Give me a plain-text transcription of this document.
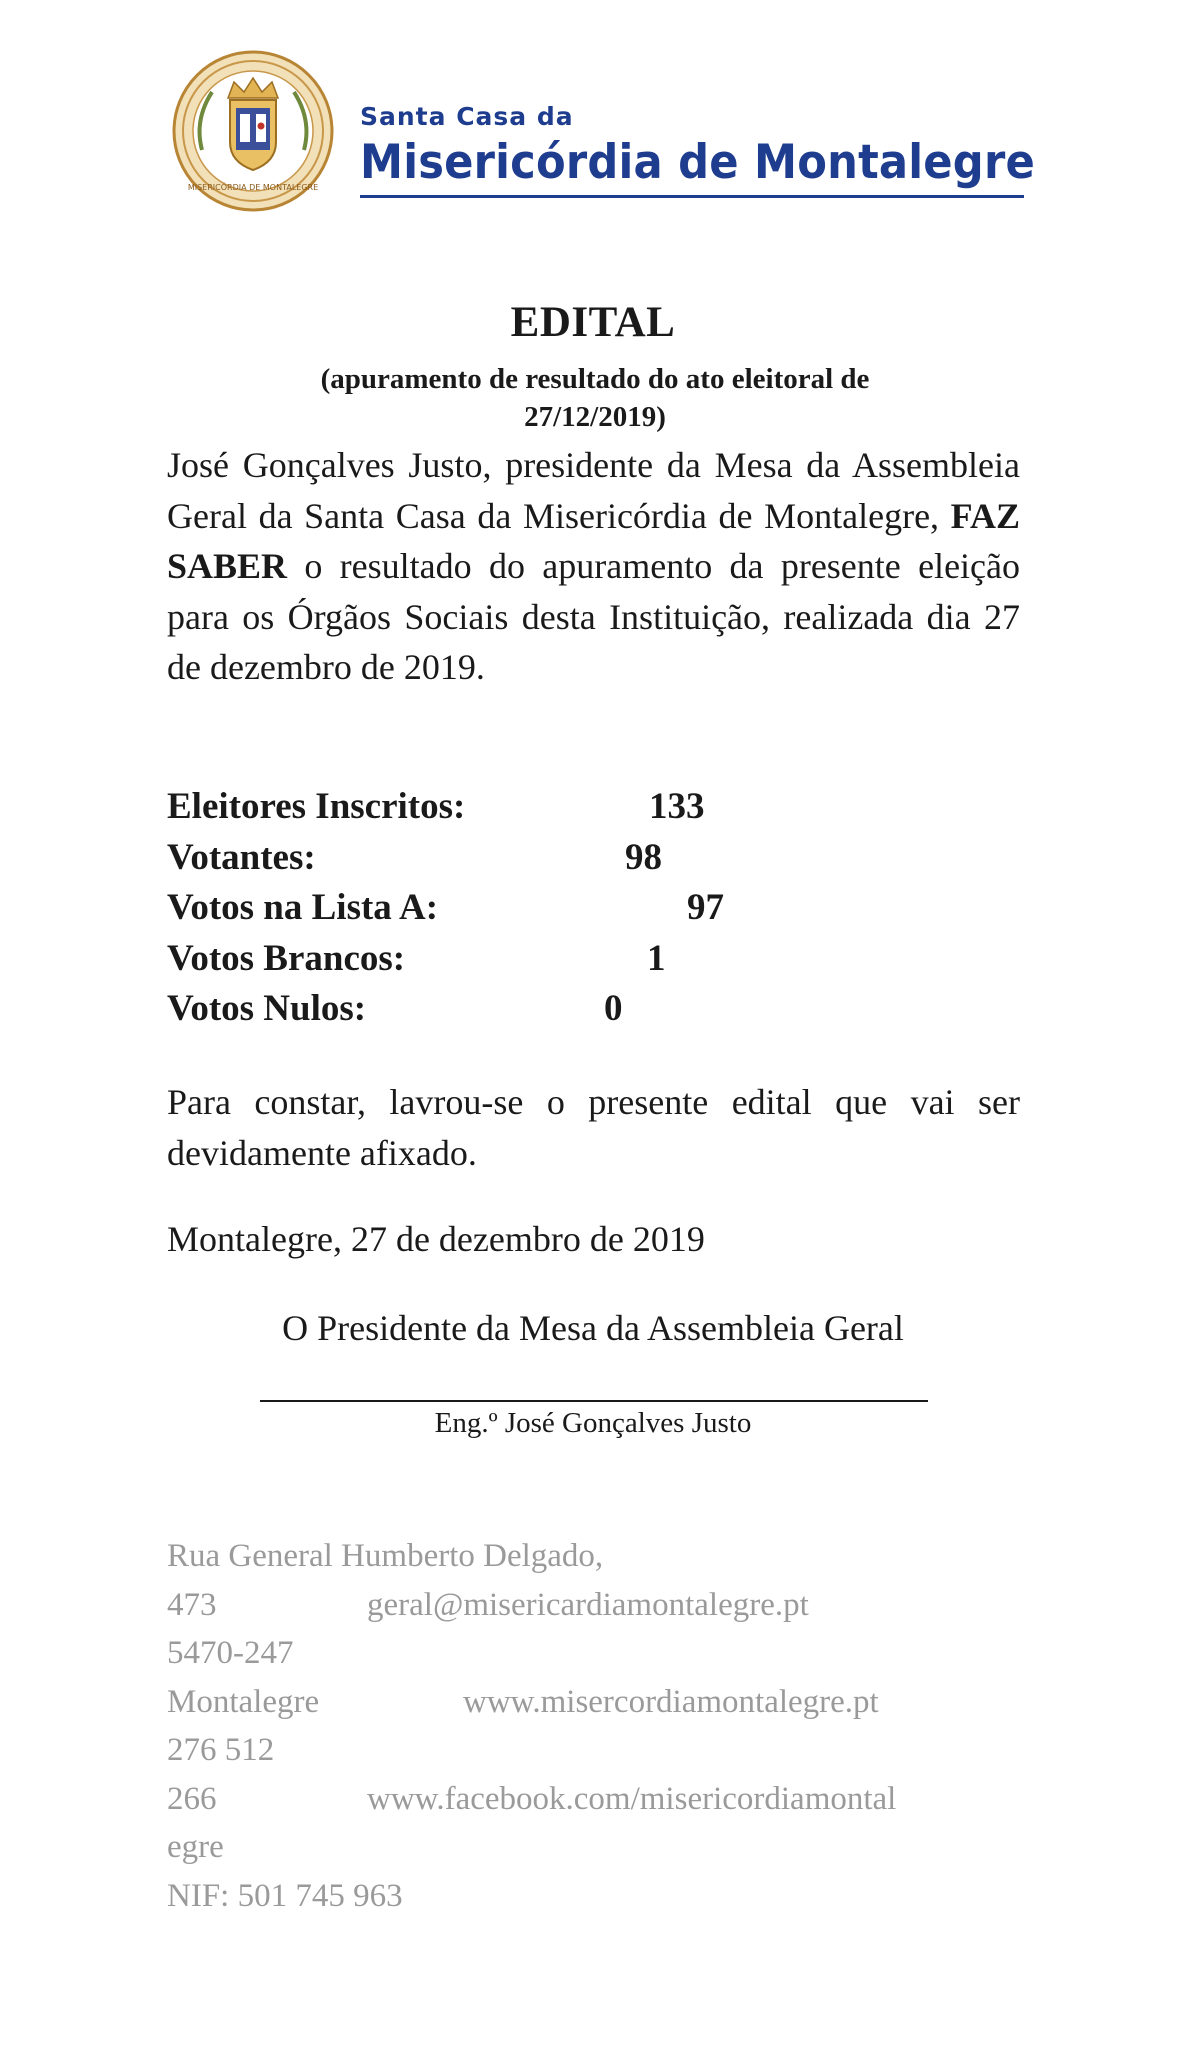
MISERICÓRDIA DE MONTALEGRE
Santa Casa da
Misericórdia de Montalegre
EDITAL
(apuramento de resultado do ato eleitoral de
27/12/2019)
José Gonçalves Justo, presidente da Mesa da Assembleia Geral da Santa Casa da Misericórdia de Montalegre, FAZ SABER o resultado do apuramento da presente eleição para os Órgãos Sociais desta Instituição, realizada dia 27 de dezembro de 2019.
Eleitores Inscritos:	133
Votantes:	98
Votos na Lista A:	97
Votos Brancos:	1
Votos Nulos:	0
Para constar, lavrou-se o presente edital que vai ser devidamente afixado.
Montalegre, 27 de dezembro de 2019
O Presidente da Mesa da Assembleia Geral
Eng.º José Gonçalves Justo
Rua General Humberto Delgado,
473	geral@misericardiamontalegre.pt
5470-247
Montalegre	www.misercordiamontalegre.pt
276 512
266	www.facebook.com/misericordiamontal
egre
NIF: 501 745 963
